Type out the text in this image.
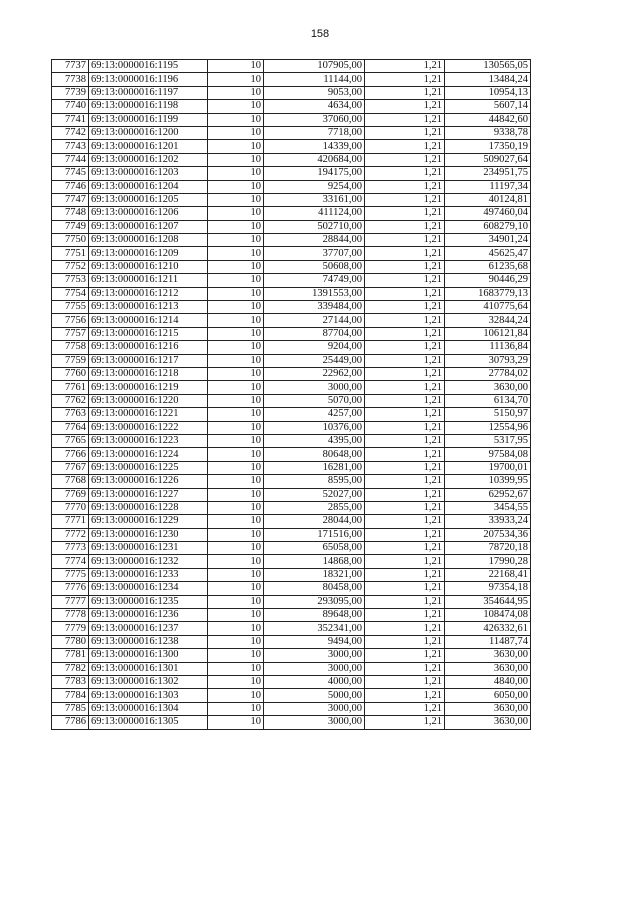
158
7737	69:13:0000016:1195	10	107905,00	1,21	130565,05
7738	69:13:0000016:1196	10	11144,00	1,21	13484,24
7739	69:13:0000016:1197	10	9053,00	1,21	10954,13
7740	69:13:0000016:1198	10	4634,00	1,21	5607,14
7741	69:13:0000016:1199	10	37060,00	1,21	44842,60
7742	69:13:0000016:1200	10	7718,00	1,21	9338,78
7743	69:13:0000016:1201	10	14339,00	1,21	17350,19
7744	69:13:0000016:1202	10	420684,00	1,21	509027,64
7745	69:13:0000016:1203	10	194175,00	1,21	234951,75
7746	69:13:0000016:1204	10	9254,00	1,21	11197,34
7747	69:13:0000016:1205	10	33161,00	1,21	40124,81
7748	69:13:0000016:1206	10	411124,00	1,21	497460,04
7749	69:13:0000016:1207	10	502710,00	1,21	608279,10
7750	69:13:0000016:1208	10	28844,00	1,21	34901,24
7751	69:13:0000016:1209	10	37707,00	1,21	45625,47
7752	69:13:0000016:1210	10	50608,00	1,21	61235,68
7753	69:13:0000016:1211	10	74749,00	1,21	90446,29
7754	69:13:0000016:1212	10	1391553,00	1,21	1683779,13
7755	69:13:0000016:1213	10	339484,00	1,21	410775,64
7756	69:13:0000016:1214	10	27144,00	1,21	32844,24
7757	69:13:0000016:1215	10	87704,00	1,21	106121,84
7758	69:13:0000016:1216	10	9204,00	1,21	11136,84
7759	69:13:0000016:1217	10	25449,00	1,21	30793,29
7760	69:13:0000016:1218	10	22962,00	1,21	27784,02
7761	69:13:0000016:1219	10	3000,00	1,21	3630,00
7762	69:13:0000016:1220	10	5070,00	1,21	6134,70
7763	69:13:0000016:1221	10	4257,00	1,21	5150,97
7764	69:13:0000016:1222	10	10376,00	1,21	12554,96
7765	69:13:0000016:1223	10	4395,00	1,21	5317,95
7766	69:13:0000016:1224	10	80648,00	1,21	97584,08
7767	69:13:0000016:1225	10	16281,00	1,21	19700,01
7768	69:13:0000016:1226	10	8595,00	1,21	10399,95
7769	69:13:0000016:1227	10	52027,00	1,21	62952,67
7770	69:13:0000016:1228	10	2855,00	1,21	3454,55
7771	69:13:0000016:1229	10	28044,00	1,21	33933,24
7772	69:13:0000016:1230	10	171516,00	1,21	207534,36
7773	69:13:0000016:1231	10	65058,00	1,21	78720,18
7774	69:13:0000016:1232	10	14868,00	1,21	17990,28
7775	69:13:0000016:1233	10	18321,00	1,21	22168,41
7776	69:13:0000016:1234	10	80458,00	1,21	97354,18
7777	69:13:0000016:1235	10	293095,00	1,21	354644,95
7778	69:13:0000016:1236	10	89648,00	1,21	108474,08
7779	69:13:0000016:1237	10	352341,00	1,21	426332,61
7780	69:13:0000016:1238	10	9494,00	1,21	11487,74
7781	69:13:0000016:1300	10	3000,00	1,21	3630,00
7782	69:13:0000016:1301	10	3000,00	1,21	3630,00
7783	69:13:0000016:1302	10	4000,00	1,21	4840,00
7784	69:13:0000016:1303	10	5000,00	1,21	6050,00
7785	69:13:0000016:1304	10	3000,00	1,21	3630,00
7786	69:13:0000016:1305	10	3000,00	1,21	3630,00
